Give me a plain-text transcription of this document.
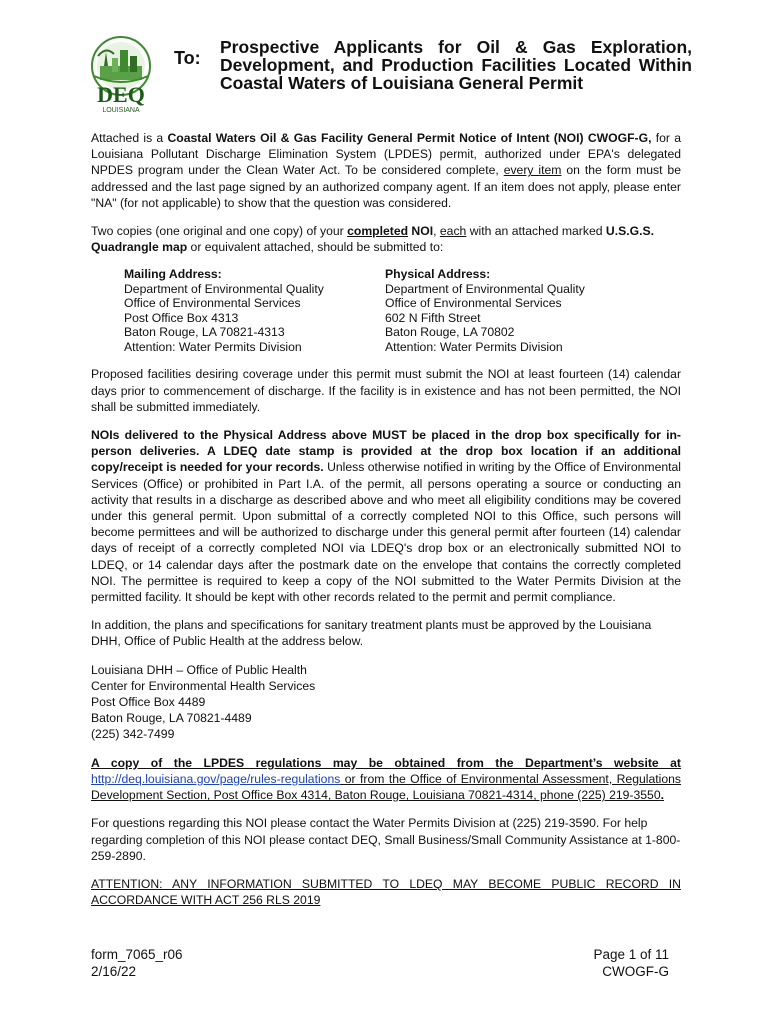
DEQ
LOUISIANA
To:
Prospective Applicants for Oil & Gas Exploration, Development, and Production Facilities Located Within Coastal Waters of Louisiana General Permit

Attached is a Coastal Waters Oil & Gas Facility General Permit Notice of Intent (NOI) CWOGF-G, for a Louisiana Pollutant Discharge Elimination System (LPDES) permit, authorized under EPA's delegated NPDES program under the Clean Water Act. To be considered complete, every item on the form must be addressed and the last page signed by an authorized company agent. If an item does not apply, please enter "NA" (for not applicable) to show that the question was considered.

Two copies (one original and one copy) of your completed NOI, each with an attached marked U.S.G.S. Quadrangle map or equivalent attached, should be submitted to:

Mailing Address:
Department of Environmental Quality
Office of Environmental Services
Post Office Box 4313
Baton Rouge, LA 70821-4313
Attention: Water Permits Division
Physical Address:
Department of Environmental Quality
Office of Environmental Services
602 N Fifth Street
Baton Rouge, LA 70802
Attention: Water Permits Division

Proposed facilities desiring coverage under this permit must submit the NOI at least fourteen (14) calendar days prior to commencement of discharge. If the facility is in existence and has not been permitted, the NOI shall be submitted immediately.

NOIs delivered to the Physical Address above MUST be placed in the drop box specifically for in-person deliveries. A LDEQ date stamp is provided at the drop box location if an additional copy/receipt is needed for your records. Unless otherwise notified in writing by the Office of Environmental Services (Office) or prohibited in Part I.A. of the permit, all persons operating a source or conducting an activity that results in a discharge as described above and who meet all eligibility conditions may be covered under this general permit. Upon submittal of a correctly completed NOI to this Office, such persons will become permittees and will be authorized to discharge under this general permit after fourteen (14) calendar days of receipt of a correctly completed NOI via LDEQ's drop box or an electronically submitted NOI to LDEQ, or 14 calendar days after the postmark date on the envelope that contains the correctly completed NOI. The permittee is required to keep a copy of the NOI submitted to the Water Permits Division at the permitted facility. It should be kept with other records related to the permit and permit compliance.

In addition, the plans and specifications for sanitary treatment plants must be approved by the Louisiana DHH, Office of Public Health at the address below.

Louisiana DHH – Office of Public Health
Center for Environmental Health Services
Post Office Box 4489
Baton Rouge, LA 70821-4489
(225) 342-7499

A copy of the LPDES regulations may be obtained from the Department’s website at http://deq.louisiana.gov/page/rules-regulations or from the Office of Environmental Assessment, Regulations Development Section, Post Office Box 4314, Baton Rouge, Louisiana 70821-4314, phone (225) 219-3550.

For questions regarding this NOI please contact the Water Permits Division at (225) 219-3590. For help regarding completion of this NOI please contact DEQ, Small Business/Small Community Assistance at 1-800-259-2890.

ATTENTION: ANY INFORMATION SUBMITTED TO LDEQ MAY BECOME PUBLIC RECORD IN ACCORDANCE WITH ACT 256 RLS 2019

form_7065_r06
2/16/22
Page 1 of 11
CWOGF-G
